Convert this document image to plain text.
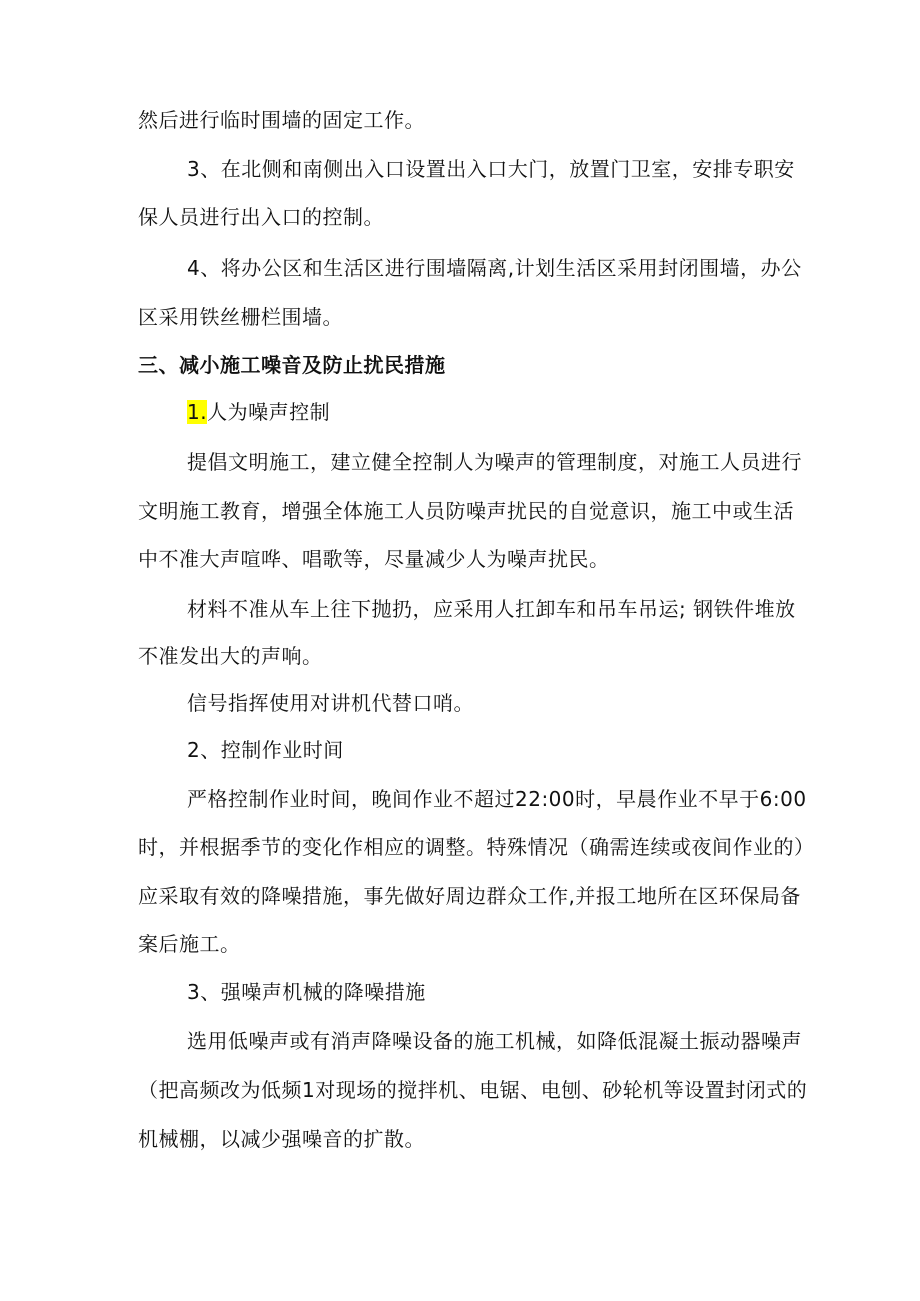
然后进行临时围墙的固定工作。
3、在北侧和南侧出入口设置出入口大门，放置门卫室，安排专职安
保人员进行出入口的控制。
4、将办公区和生活区进行围墙隔离,计划生活区采用封闭围墙，办公
区采用铁丝栅栏围墙。
三、减小施工噪音及防止扰民措施
1.人为噪声控制
提倡文明施工，建立健全控制人为噪声的管理制度，对施工人员进行
文明施工教育，增强全体施工人员防噪声扰民的自觉意识，施工中或生活
中不准大声喧哗、唱歌等，尽量减少人为噪声扰民。
材料不准从车上往下抛扔，应采用人扛卸车和吊车吊运; 钢铁件堆放
不准发出大的声响。
信号指挥使用对讲机代替口哨。
2、控制作业时间
严格控制作业时间，晚间作业不超过22:00时，早晨作业不早于6:00
时，并根据季节的变化作相应的调整。特殊情况（确需连续或夜间作业的）
应采取有效的降噪措施，事先做好周边群众工作,并报工地所在区环保局备
案后施工。
3、强噪声机械的降噪措施
选用低噪声或有消声降噪设备的施工机械，如降低混凝土振动器噪声
（把高频改为低频1对现场的搅拌机、电锯、电刨、砂轮机等设置封闭式的
机械棚，以减少强噪音的扩散。
